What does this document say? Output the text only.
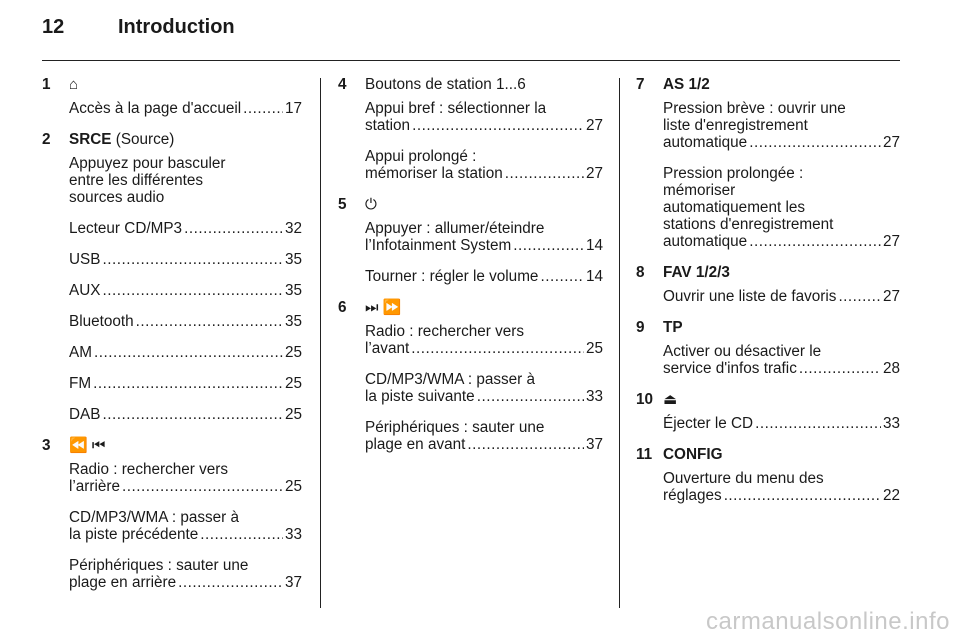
12	Introduction
1	⌂
Accès à la page d'accueil .....	17
2	SRCE (Source)
Appuyez pour basculer
entre les différentes
sources audio
Lecteur CD/MP3 .....	32
USB .....	35
AUX .....	35
Bluetooth .....	35
AM .....	25
FM .....	25
DAB .....	25
3	⏪ ⏮
Radio : rechercher vers
l’arrière .....	25
CD/MP3/WMA : passer à
la piste précédente .....	33
Périphériques : sauter une
plage en arrière .....	37
4	Boutons de station 1...6
Appui bref : sélectionner la
station .....	27
Appui prolongé :
mémoriser la station .....	27
5	⏻
Appuyer : allumer/éteindre
l’Infotainment System .....	14
Tourner : régler le volume .....	14
6	⏭ ⏩
Radio : rechercher vers
l’avant .....	25
CD/MP3/WMA : passer à
la piste suivante .....	33
Périphériques : sauter une
plage en avant .....	37
7	AS 1/2
Pression brève : ouvrir une
liste d'enregistrement
automatique .....	27
Pression prolongée :
mémoriser
automatiquement les
stations d'enregistrement
automatique .....	27
8	FAV 1/2/3
Ouvrir une liste de favoris .....	27
9	TP
Activer ou désactiver le
service d'infos trafic .....	28
10 ⏏
Éjecter le CD .....	33
11 CONFIG
Ouverture du menu des
réglages .....	22
carmanualsonline.info
